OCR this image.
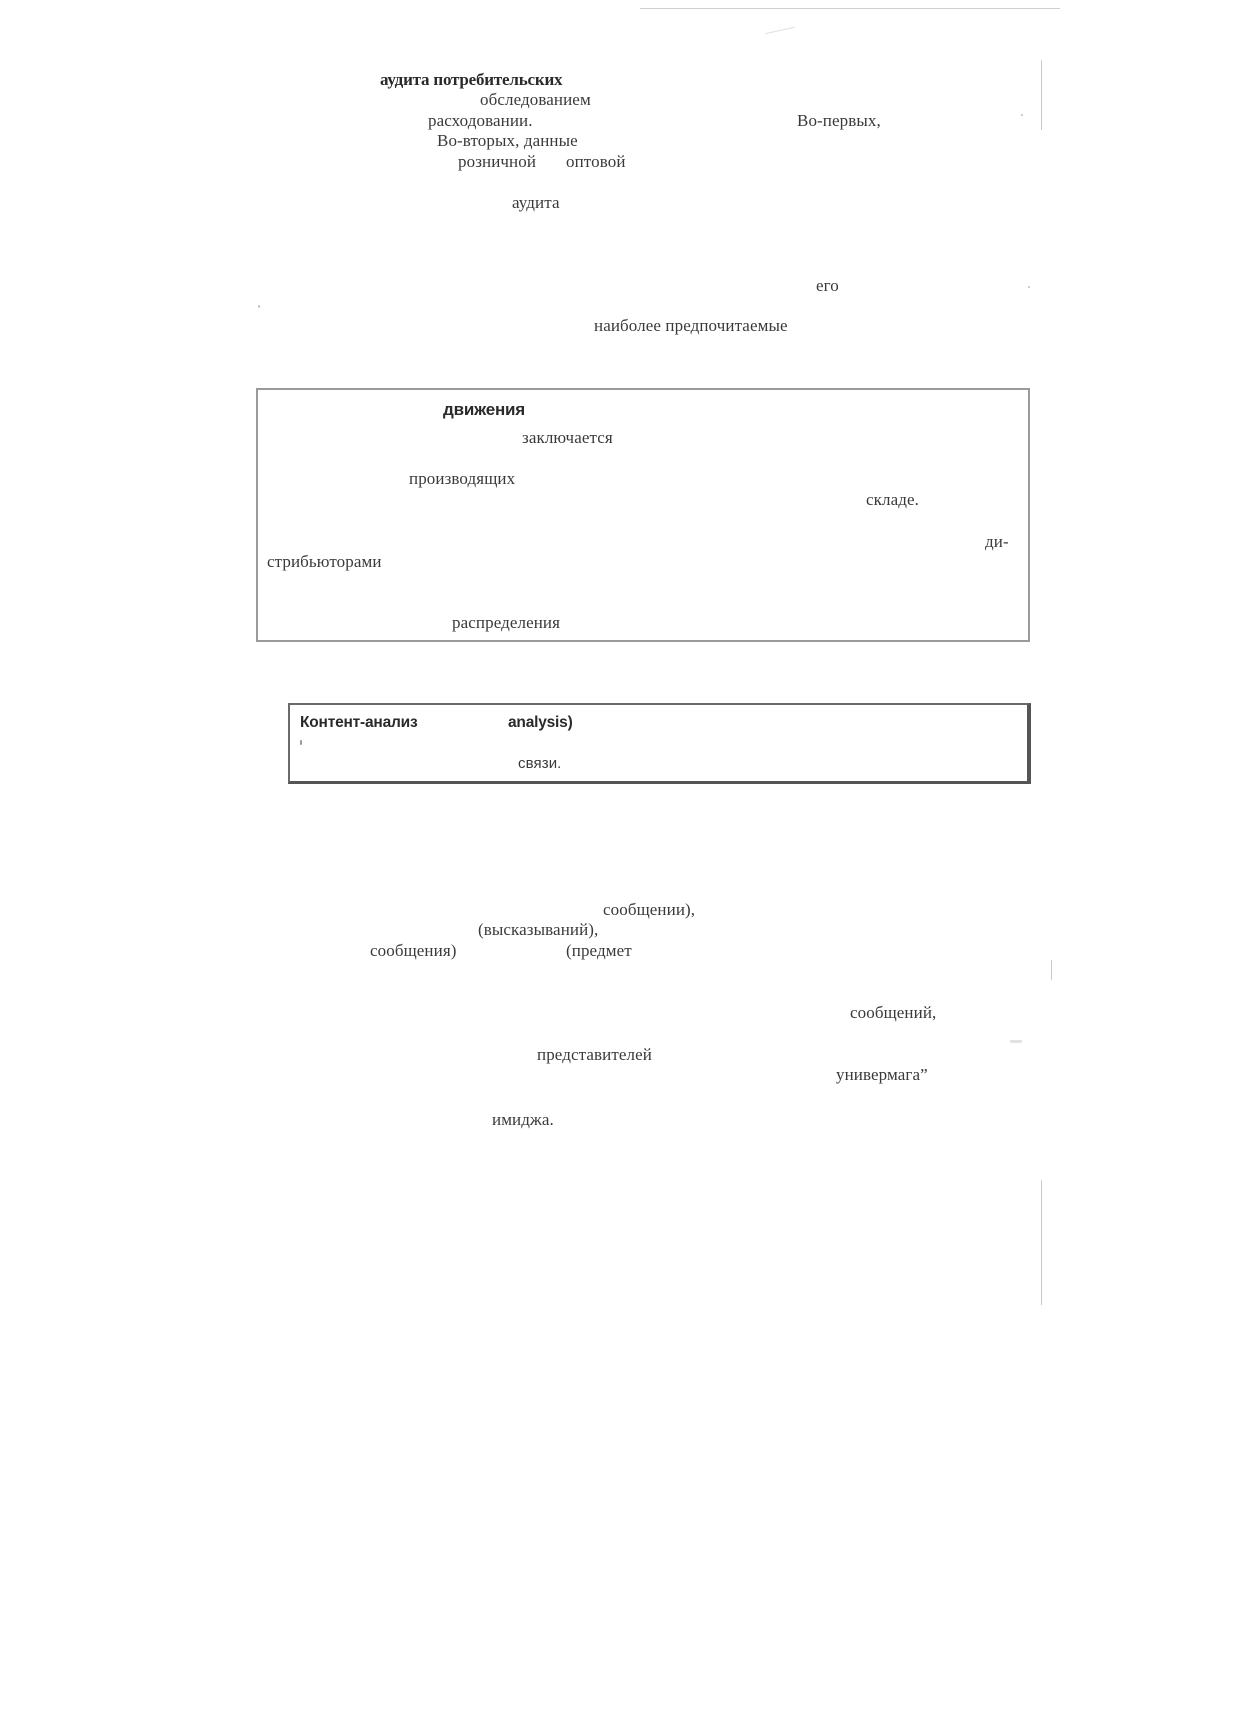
аудита потребительских
обследованием
расходовании.	Во-первых,
Во-вторых, данные
розничной оптовой
аудита
его
наиболее предпочитаемые
движения
заключается
производящих
складе.
ди-
стрибьюторами
распределения
Контент-анализ	analysis)
связи.
сообщении),
(высказываний),
сообщения)	(предмет
сообщений,
представителей
универмага”
имиджа.
